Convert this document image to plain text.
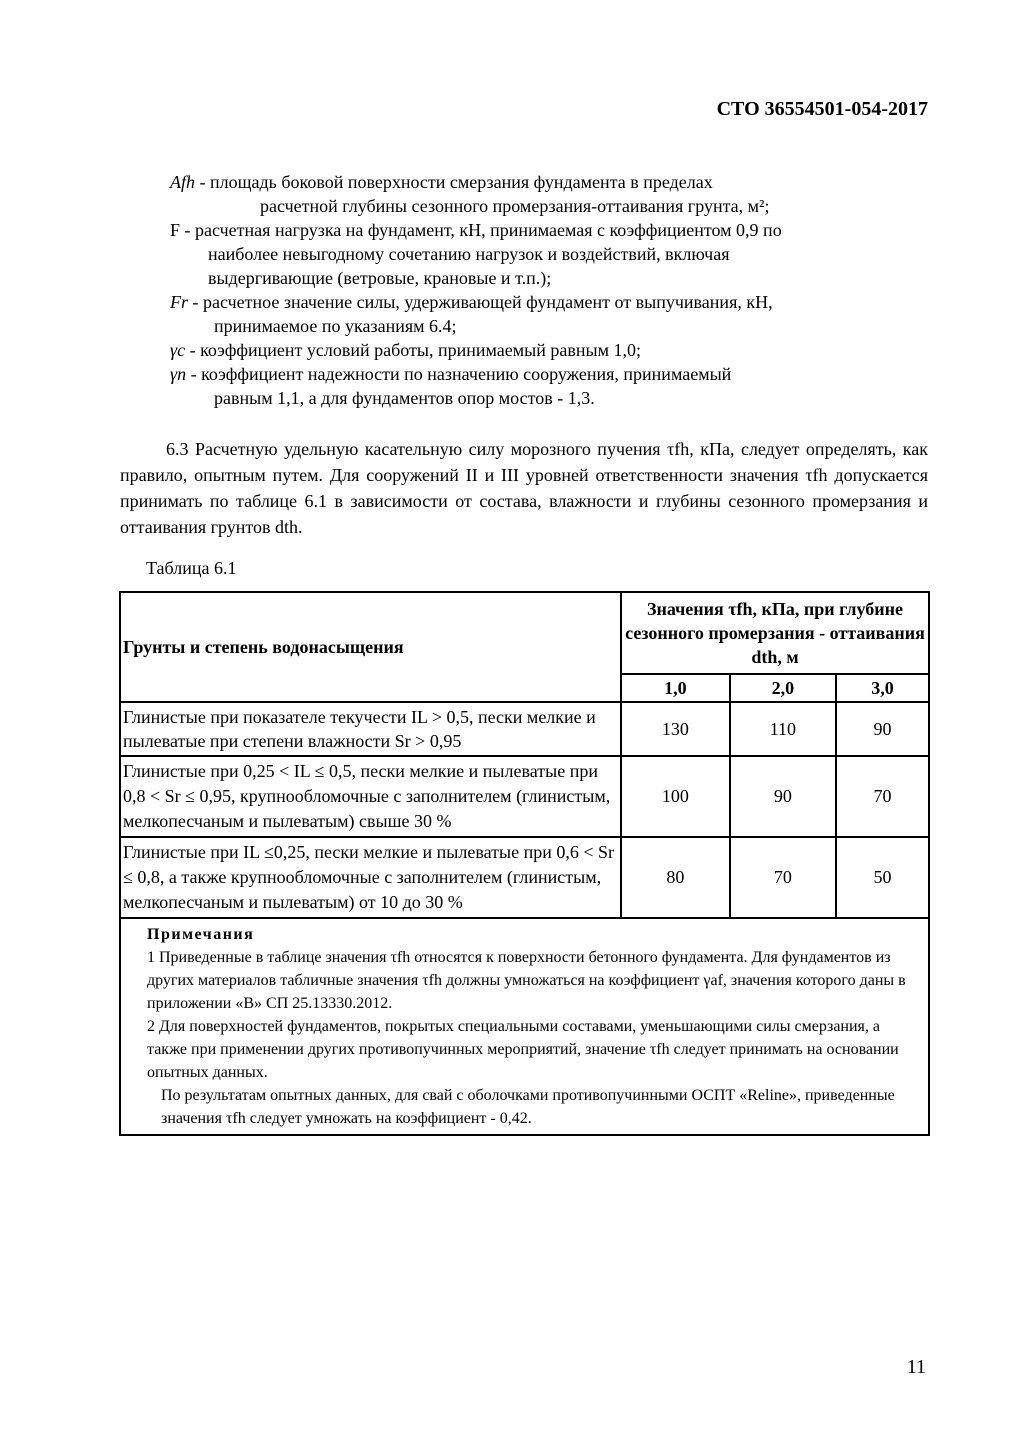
СТО 36554501-054-2017
Afh - площадь боковой поверхности смерзания фундамента в пределах
расчетной глубины сезонного промерзания-оттаивания грунта, м²;
F - расчетная нагрузка на фундамент, кН, принимаемая с коэффициентом 0,9 по
наиболее невыгодному сочетанию нагрузок и воздействий, включая
выдергивающие (ветровые, крановые и т.п.);
Fr - расчетное значение силы, удерживающей фундамент от выпучивания, кН,
принимаемое по указаниям 6.4;
γc - коэффициент условий работы, принимаемый равным 1,0;
γn - коэффициент надежности по назначению сооружения, принимаемый
равным 1,1, а для фундаментов опор мостов - 1,3.
6.3 Расчетную удельную касательную силу морозного пучения τfh, кПа, следует определять, как правило, опытным путем. Для сооружений II и III уровней ответственности значения τfh допускается принимать по таблице 6.1 в зависимости от состава, влажности и глубины сезонного промерзания и оттаивания грунтов dth.
Таблица 6.1
Грунты и степень водонасыщения	Значения τfh, кПа, при глубине сезонного промерзания - оттаивания dth, м		
	1,0	2,0	3,0
Глинистые при показателе текучести IL > 0,5, пески мелкие и пылеватые при степени влажности Sr > 0,95	130	110	90
Глинистые при 0,25 < IL ≤ 0,5, пески мелкие и пылеватые при 0,8 < Sr ≤ 0,95, крупнообломочные с заполнителем (глинистым, мелкопесчаным и пылеватым) свыше 30 %	100	90	70
Глинистые при IL ≤0,25, пески мелкие и пылеватые при 0,6 < Sr ≤ 0,8, а также крупнообломочные с заполнителем (глинистым, мелкопесчаным и пылеватым) от 10 до 30 %	80	70	50

Примечания
1 Приведенные в таблице значения τfh относятся к поверхности бетонного фундамента. Для фундаментов из других материалов табличные значения τfh должны умножаться на коэффициент γaf, значения которого даны в приложении «В» СП 25.13330.2012.
2 Для поверхностей фундаментов, покрытых специальными составами, уменьшающими силы смерзания, а также при применении других противопучинных мероприятий, значение τfh следует принимать на основании опытных данных.
По результатам опытных данных, для свай с оболочками противопучинными ОСПТ «Reline», приведенные значения τfh следует умножать на коэффициент - 0,42.			
11
